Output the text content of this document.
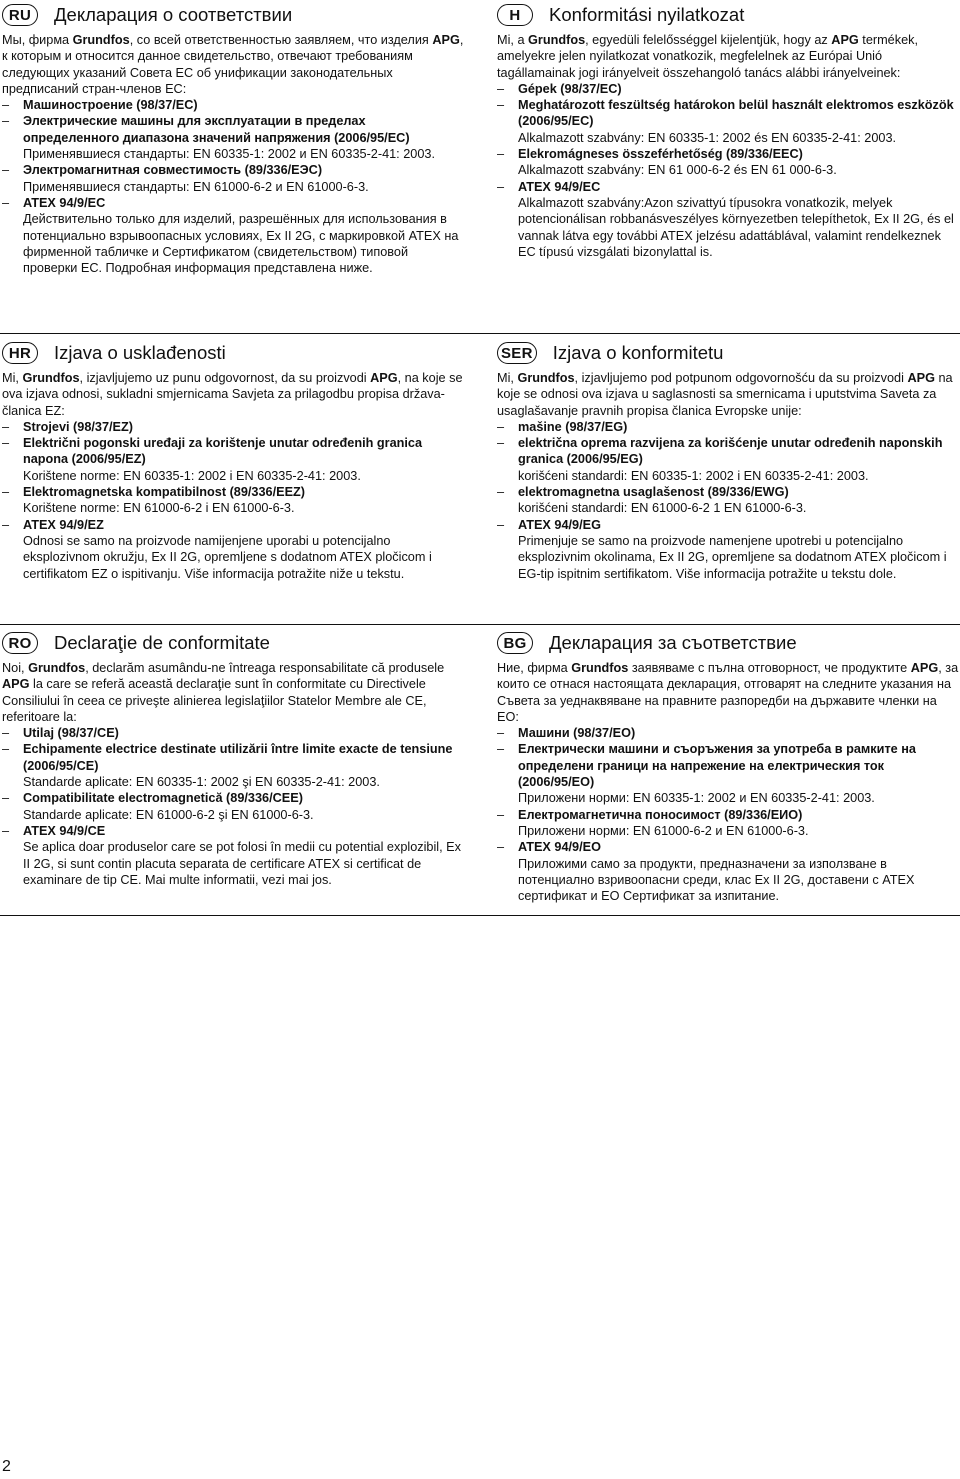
RU	Декларация о соответствии

Мы, фирма Grundfos, со всей ответственностью заявляем, что изделия APG, к которым и относится данное свидетельство, отвечают требованиям следующих указаний Совета ЕС об унификации законодательных предписаний стран-членов ЕС:

– Машиностроение (98/37/ЕС)
– Электрические машины для эксплуатации в пределах определенного диапазона значений напряжения (2006/95/ЕС)
Применявшиеся стандарты: EN 60335-1: 2002 и EN 60335-2-41: 2003.
– Электромагнитная совместимость (89/336/ЕЭС)
Применявшиеся стандарты: EN 61000-6-2 и EN 61000-6-3.
– ATEX 94/9/EC
Действительно только для изделий, разрешённых для использования в потенциально взрывоопасных условиях, Ex II 2G, с маркировкой ATEX на фирменной табличке и Сертификатом (свидетельством) типовой проверки ЕС. Подробная информация представлена ниже.
H	Konformitási nyilatkozat

Mi, a Grundfos, egyedüli felelősséggel kijelentjük, hogy az APG termékek, amelyekre jelen nyilatkozat vonatkozik, megfelelnek az Európai Unió tagállamainak jogi irányelveit összehangoló tanács alábbi irányelveinek:

– Gépek (98/37/EC)
– Meghatározott feszültség határokon belül használt elektromos eszközök (2006/95/EC)
Alkalmazott szabvány: EN 60335-1: 2002 és EN 60335-2-41: 2003.
– Elekromágneses összeférhetőség (89/336/EEC)
Alkalmazott szabvány: EN 61 000-6-2 és EN 61 000-6-3.
– ATEX 94/9/EC
Alkalmazott szabvány:Azon szivattyú típusokra vonatkozik, melyek potencionálisan robbanásveszélyes környezetben telepíthetok, Ex II 2G, és el vannak látva egy további ATEX jelzésu adattáblával, valamint rendelkeznek EC típusú vizsgálati bizonylattal is.
HR	Izjava o usklađenosti

Mi, Grundfos, izjavljujemo uz punu odgovornost, da su proizvodi APG, na koje se ova izjava odnosi, sukladni smjernicama Savjeta za prilagodbu propisa država-članica EZ:

– Strojevi (98/37/EZ)
– Električni pogonski uređaji za korištenje unutar određenih granica napona (2006/95/EZ)
Korištene norme: EN 60335-1: 2002 i EN 60335-2-41: 2003.
– Elektromagnetska kompatibilnost (89/336/EEZ)
Korištene norme: EN 61000-6-2 i EN 61000-6-3.
– ATEX 94/9/EZ
Odnosi se samo na proizvode namijenjene uporabi u potencijalno eksplozivnom okružju, Ex II 2G, opremljene s dodatnom ATEX pločicom i certifikatom EZ o ispitivanju. Više informacija potražite niže u tekstu.
SER Izjava o konformitetu

Mi, Grundfos, izjavljujemo pod potpunom odgovornošću da su proizvodi APG na koje se odnosi ova izjava u saglasnosti sa smernicama i uputstvima Saveta za usaglašavanje pravnih propisa članica Evropske unije:

– mašine (98/37/EG)
– električna oprema razvijena za korišćenje unutar određenih naponskih granica (2006/95/EG)
korišćeni standardi: EN 60335-1: 2002 i EN 60335-2-41: 2003.
– elektromagnetna usaglašenost (89/336/EWG)
korišćeni standardi: EN 61000-6-2 1 EN 61000-6-3.
– ATEX 94/9/EG
Primenjuje se samo na proizvode namenjene upotrebi u potencijalno eksplozivnim okolinama, Ex II 2G, opremljene sa dodatnom ATEX pločicom i EG-tip ispitnim sertifikatom. Više informacija potražite u tekstu dole.
RO	Declaraţie de conformitate

Noi, Grundfos, declarăm asumându-ne întreaga responsabilitate că produsele APG la care se referă această declaraţie sunt în conformitate cu Directivele Consiliului în ceea ce priveşte alinierea legislaţiilor Statelor Membre ale CE, referitoare la:

– Utilaj (98/37/CE)
– Echipamente electrice destinate utilizării între limite exacte de tensiune (2006/95/CE)
Standarde aplicate: EN 60335-1: 2002 şi EN 60335-2-41: 2003.
– Compatibilitate electromagnetică (89/336/CEE)
Standarde aplicate: EN 61000-6-2 şi EN 61000-6-3.
– ATEX 94/9/CE
Se aplica doar produselor care se pot folosi în medii cu potential explozibil, Ex II 2G, si sunt contin placuta separata de certificare ATEX si certificat de examinare de tip CE. Mai multe informatii, vezi mai jos.
BG	Декларация за съответствие

Ние, фирма Grundfos заявяваме с пълна отговорност, че продуктите APG, за които се отнася настоящата декларация, отговарят на следните указания на Съвета за уеднаквяване на правните разпоредби на държавите членки на ЕО:

– Машини (98/37/EО)
– Електрически машини и съоръжения за употреба в рамките на определени граници на напрежение на електрическия ток (2006/95/EО)
Приложени норми: EN 60335-1: 2002 и EN 60335-2-41: 2003.
– Електромагнетична поносимост (89/336/EИО)
Приложени норми: EN 61000-6-2 и EN 61000-6-3.
– ATEX 94/9/EО
Приложими само за продукти, предназначени за използване в потенциално взривоопасни среди, клас Ex II 2G, доставени с ATEX сертификат и ЕО Сертификат за изпитание.
2
